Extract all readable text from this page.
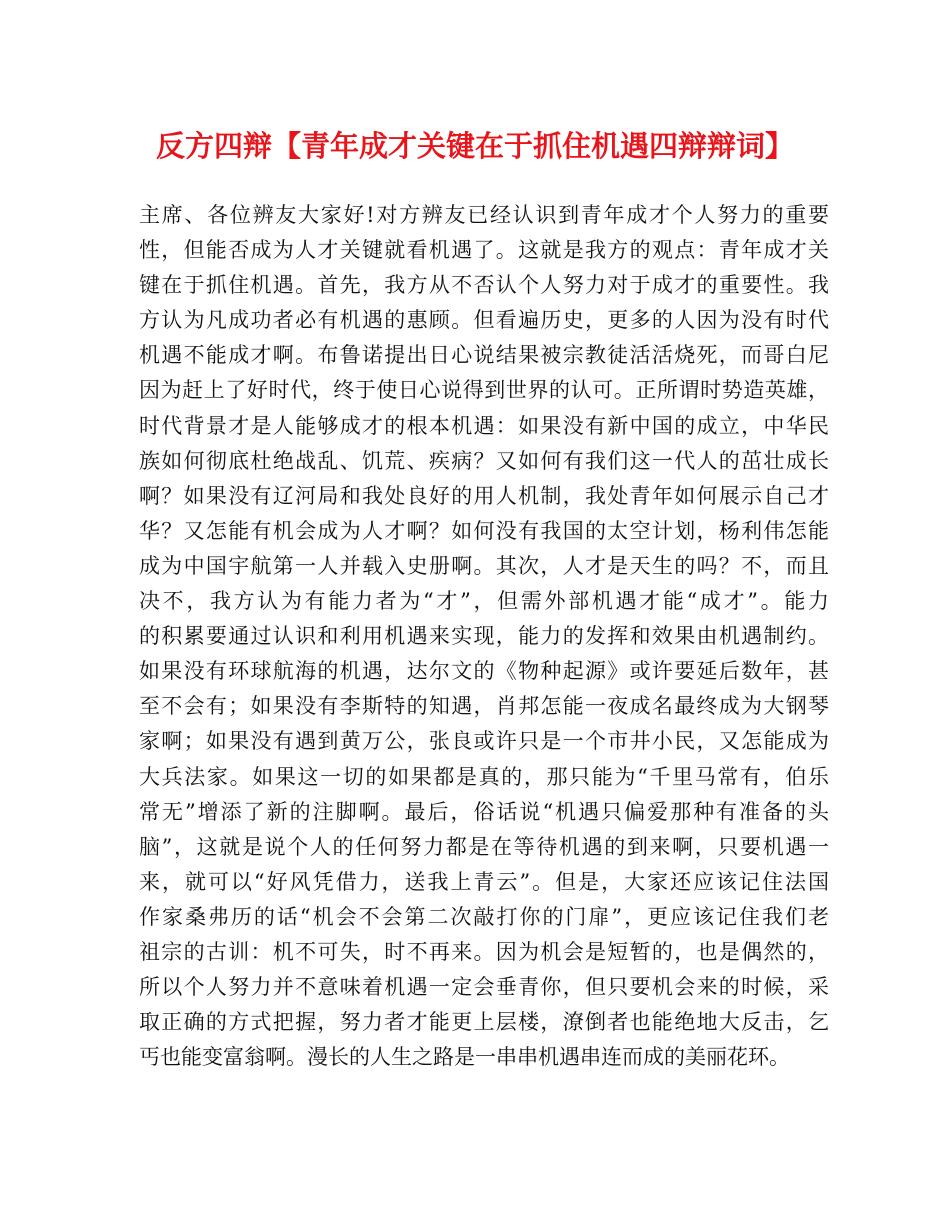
反方四辩【青年成才关键在于抓住机遇四辩辩词】
主席、各位辨友大家好!对方辨友已经认识到青年成才个人努力的重要
性，但能否成为人才关键就看机遇了。这就是我方的观点：青年成才关
键在于抓住机遇。首先，我方从不否认个人努力对于成才的重要性。我
方认为凡成功者必有机遇的惠顾。但看遍历史，更多的人因为没有时代
机遇不能成才啊。布鲁诺提出日心说结果被宗教徒活活烧死，而哥白尼
因为赶上了好时代，终于使日心说得到世界的认可。正所谓时势造英雄，
时代背景才是人能够成才的根本机遇：如果没有新中国的成立，中华民
族如何彻底杜绝战乱、饥荒、疾病？又如何有我们这一代人的茁壮成长
啊？如果没有辽河局和我处良好的用人机制，我处青年如何展示自己才
华？又怎能有机会成为人才啊？如何没有我国的太空计划，杨利伟怎能
成为中国宇航第一人并载入史册啊。其次，人才是天生的吗？不，而且
决不，我方认为有能力者为“才”，但需外部机遇才能“成才”。能力
的积累要通过认识和利用机遇来实现，能力的发挥和效果由机遇制约。
如果没有环球航海的机遇，达尔文的《物种起源》或许要延后数年，甚
至不会有；如果没有李斯特的知遇，肖邦怎能一夜成名最终成为大钢琴
家啊；如果没有遇到黄万公，张良或许只是一个市井小民，又怎能成为
大兵法家。如果这一切的如果都是真的，那只能为“千里马常有，伯乐
常无”增添了新的注脚啊。最后，俗话说“机遇只偏爱那种有准备的头
脑”，这就是说个人的任何努力都是在等待机遇的到来啊，只要机遇一
来，就可以“好风凭借力，送我上青云”。但是，大家还应该记住法国
作家桑弗历的话“机会不会第二次敲打你的门扉”，更应该记住我们老
祖宗的古训：机不可失，时不再来。因为机会是短暂的，也是偶然的，
所以个人努力并不意味着机遇一定会垂青你，但只要机会来的时候，采
取正确的方式把握，努力者才能更上层楼，潦倒者也能绝地大反击，乞
丐也能变富翁啊。漫长的人生之路是一串串机遇串连而成的美丽花环。
